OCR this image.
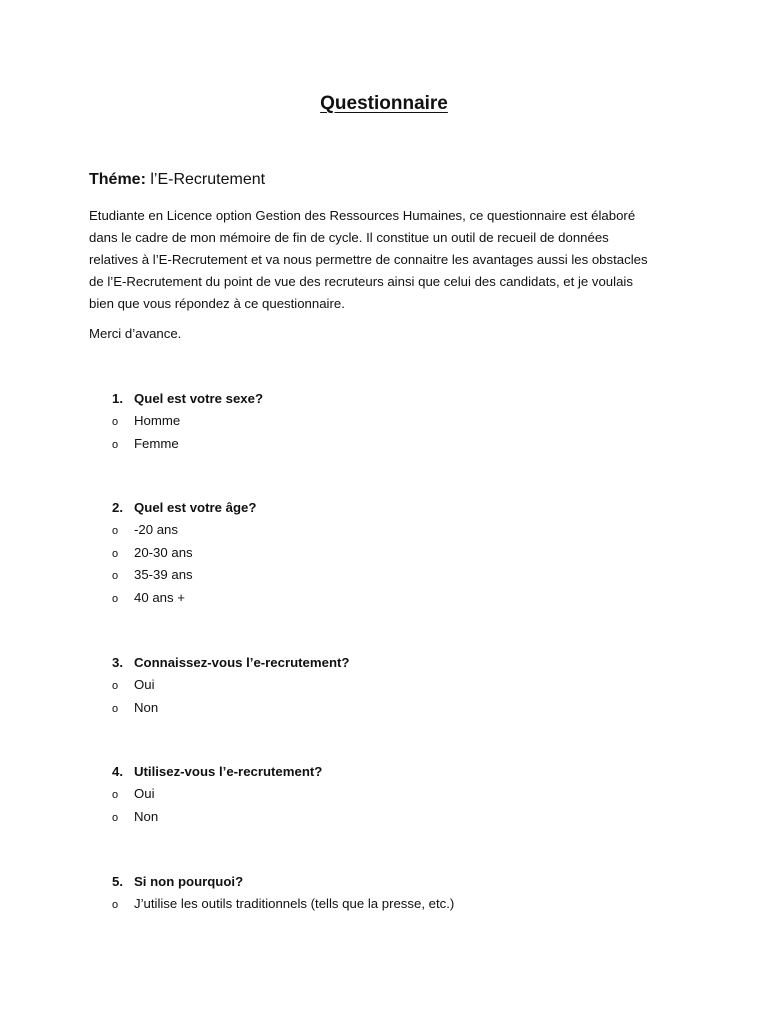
Questionnaire

Théme: l’E-Recrutement

Etudiante en Licence option Gestion des Ressources Humaines, ce questionnaire est élaboré
dans le cadre de mon mémoire de fin de cycle. Il constitue un outil de recueil de données
relatives à l’E-Recrutement et va nous permettre de connaitre les avantages aussi les obstacles
de l’E-Recrutement du point de vue des recruteurs ainsi que celui des candidats, et je voulais
bien que vous répondez à ce questionnaire.

Merci d’avance.

1. Quel est votre sexe?
o Homme
o Femme
2. Quel est votre âge?
o -20 ans
o 20-30 ans
o 35-39 ans
o 40 ans +
3. Connaissez-vous l’e-recrutement?
o Oui
o Non
4. Utilisez-vous l’e-recrutement?
o Oui
o Non
5. Si non pourquoi?
o J’utilise les outils traditionnels (tells que la presse, etc.)
